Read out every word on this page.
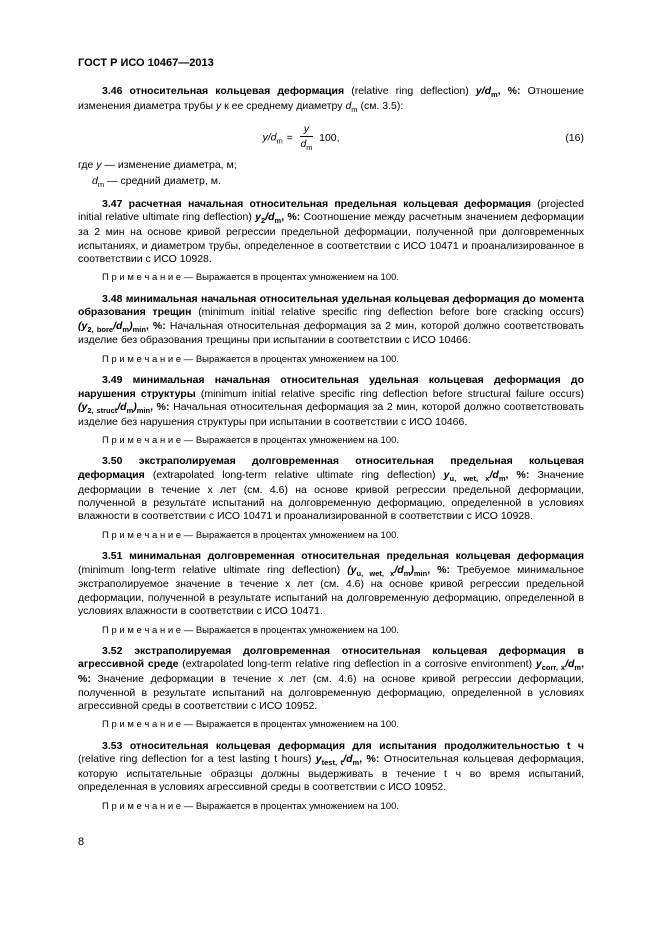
ГОСТ Р ИСО 10467—2013

3.46 относительная кольцевая деформация (relative ring deflection) $y/d_m$, %: Отношение изменения диаметра трубы y к ее среднему диаметру $d_m$ (см. 3.5):

$y/d_m = \frac{y}{d_m} 100$,	(16)

где y — изменение диаметра, м;

$d_m$ — средний диаметр, м.

3.47 расчетная начальная относительная предельная кольцевая деформация (projected initial relative ultimate ring deflection) $y_2/d_m$, %: Соотношение между расчетным значением деформации за 2 мин на основе кривой регрессии предельной деформации, полученной при долговременных испытаниях, и диаметром трубы, определенное в соответствии с ИСО 10471 и проанализированное в соответствии с ИСО 10928.

П р и м е ч а н и е — Выражается в процентах умножением на 100.

3.48 минимальная начальная относительная удельная кольцевая деформация до момента образования трещин (minimum initial relative specific ring deflection before bore cracking occurs) $(y_{2, bore}/d_m)_{min}$, %: Начальная относительная деформация за 2 мин, которой должно соответствовать изделие без образования трещины при испытании в соответствии с ИСО 10466.

П р и м е ч а н и е — Выражается в процентах умножением на 100.

3.49 минимальная начальная относительная удельная кольцевая деформация до нарушения структуры (minimum initial relative specific ring deflection before structural failure occurs) $(y_{2, struct}/d_m)_{min}$, %: Начальная относительная деформация за 2 мин, которой должно соответствовать изделие без нарушения структуры при испытании в соответствии с ИСО 10466.

П р и м е ч а н и е — Выражается в процентах умножением на 100.

3.50 экстраполируемая долговременная относительная предельная кольцевая деформация (extrapolated long-term relative ultimate ring deflection) $y_{u, wet, x}/d_m$, %: Значение деформации в течение x лет (см. 4.6) на основе кривой регрессии предельной деформации, полученной в результате испытаний на долговременную деформацию, определенной в условиях влажности в соответствии с ИСО 10471 и проанализированной в соответствии с ИСО 10928.

П р и м е ч а н и е — Выражается в процентах умножением на 100.

3.51 минимальная долговременная относительная предельная кольцевая деформация (minimum long-term relative ultimate ring deflection) $(y_{u, wet, x}/d_m)_{min}$, %: Требуемое минимальное экстраполируемое значение в течение x лет (см. 4.6) на основе кривой регрессии предельной деформации, полученной в результате испытаний на долговременную деформацию, определенной в условиях влажности в соответствии с ИСО 10471.

П р и м е ч а н и е — Выражается в процентах умножением на 100.

3.52 экстраполируемая долговременная относительная кольцевая деформация в агрессивной среде (extrapolated long-term relative ring deflection in a corrosive environment) $y_{corr, x}/d_m$, %: Значение деформации в течение x лет (см. 4.6) на основе кривой регрессии деформации, полученной в результате испытаний на долговременную деформацию, определенной в условиях агрессивной среды в соответствии с ИСО 10952.

П р и м е ч а н и е — Выражается в процентах умножением на 100.

3.53 относительная кольцевая деформация для испытания продолжительностью t ч (relative ring deflection for a test lasting t hours) $y_{test, t}/d_m$, %: Относительная кольцевая деформация, которую испытательные образцы должны выдерживать в течение t ч во время испытаний, определенная в условиях агрессивной среды в соответствии с ИСО 10952.

П р и м е ч а н и е — Выражается в процентах умножением на 100.

8
